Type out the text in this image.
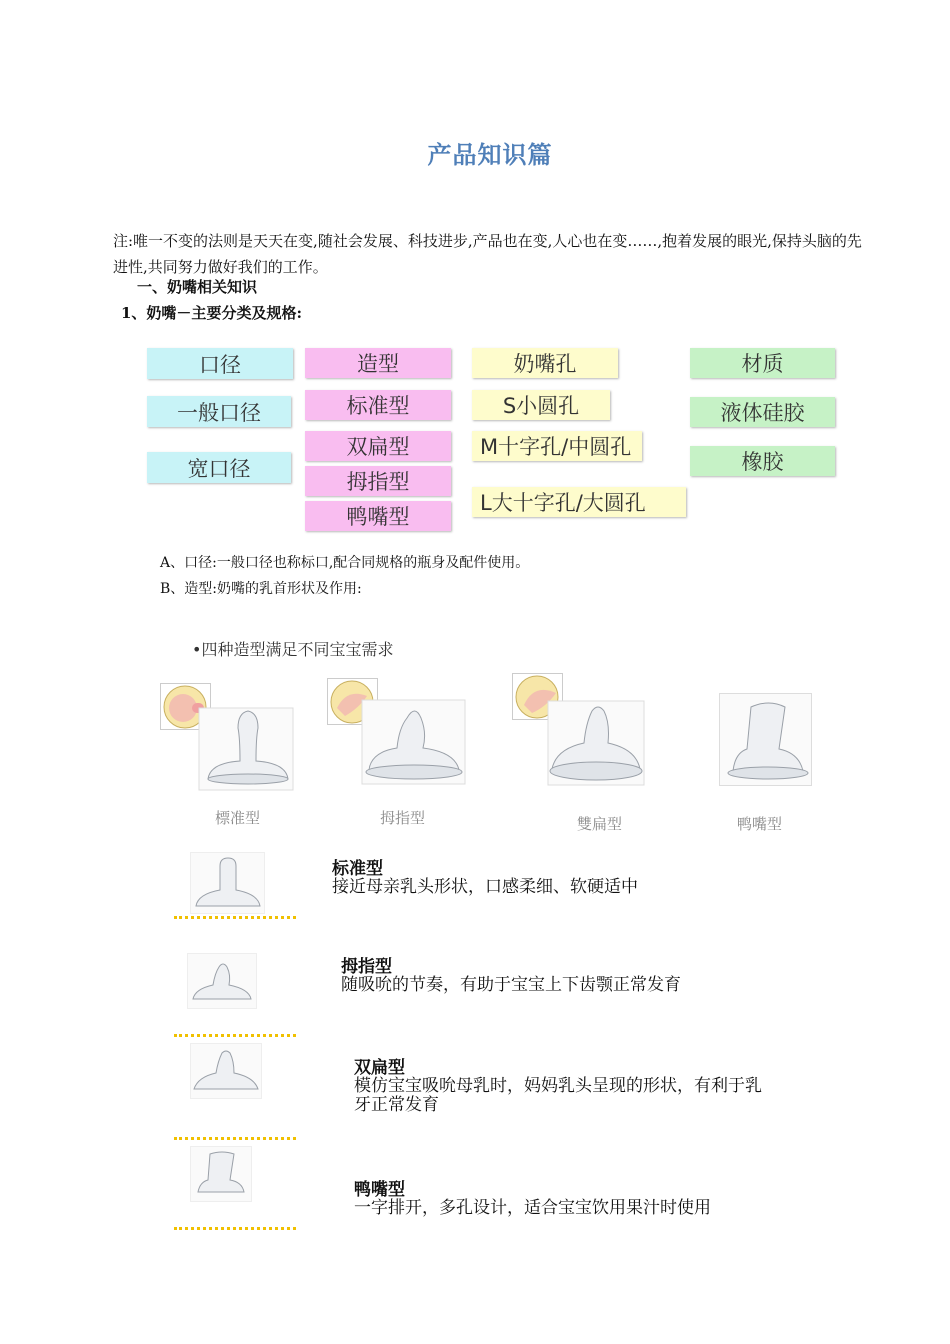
产品知识篇
注:唯一不变的法则是天天在变,随社会发展、科技进步,产品也在变,人心也在变……,抱着发展的眼光,保持头脑的先进性,共同努力做好我们的工作。
一、奶嘴相关知识
1、奶嘴－主要分类及规格:
口径
一般口径
宽口径
造型
标准型
双扁型
拇指型
鸭嘴型
奶嘴孔
S小圆孔
M十字孔/中圆孔
L大十字孔/大圆孔
材质
液体硅胶
橡胶
A、口径:一般口径也称标口,配合同规格的瓶身及配件使用。
B、造型:奶嘴的乳首形状及作用:
•四种造型满足不同宝宝需求
標准型	拇指型	雙扁型	鸭嘴型
标准型
接近母亲乳头形状，口感柔细、软硬适中
拇指型
随吸吮的节奏，有助于宝宝上下齿颚正常发育
双扁型
模仿宝宝吸吮母乳时，妈妈乳头呈现的形状，有利于乳
牙正常发育
鸭嘴型
一字排开，多孔设计，适合宝宝饮用果汁时使用
